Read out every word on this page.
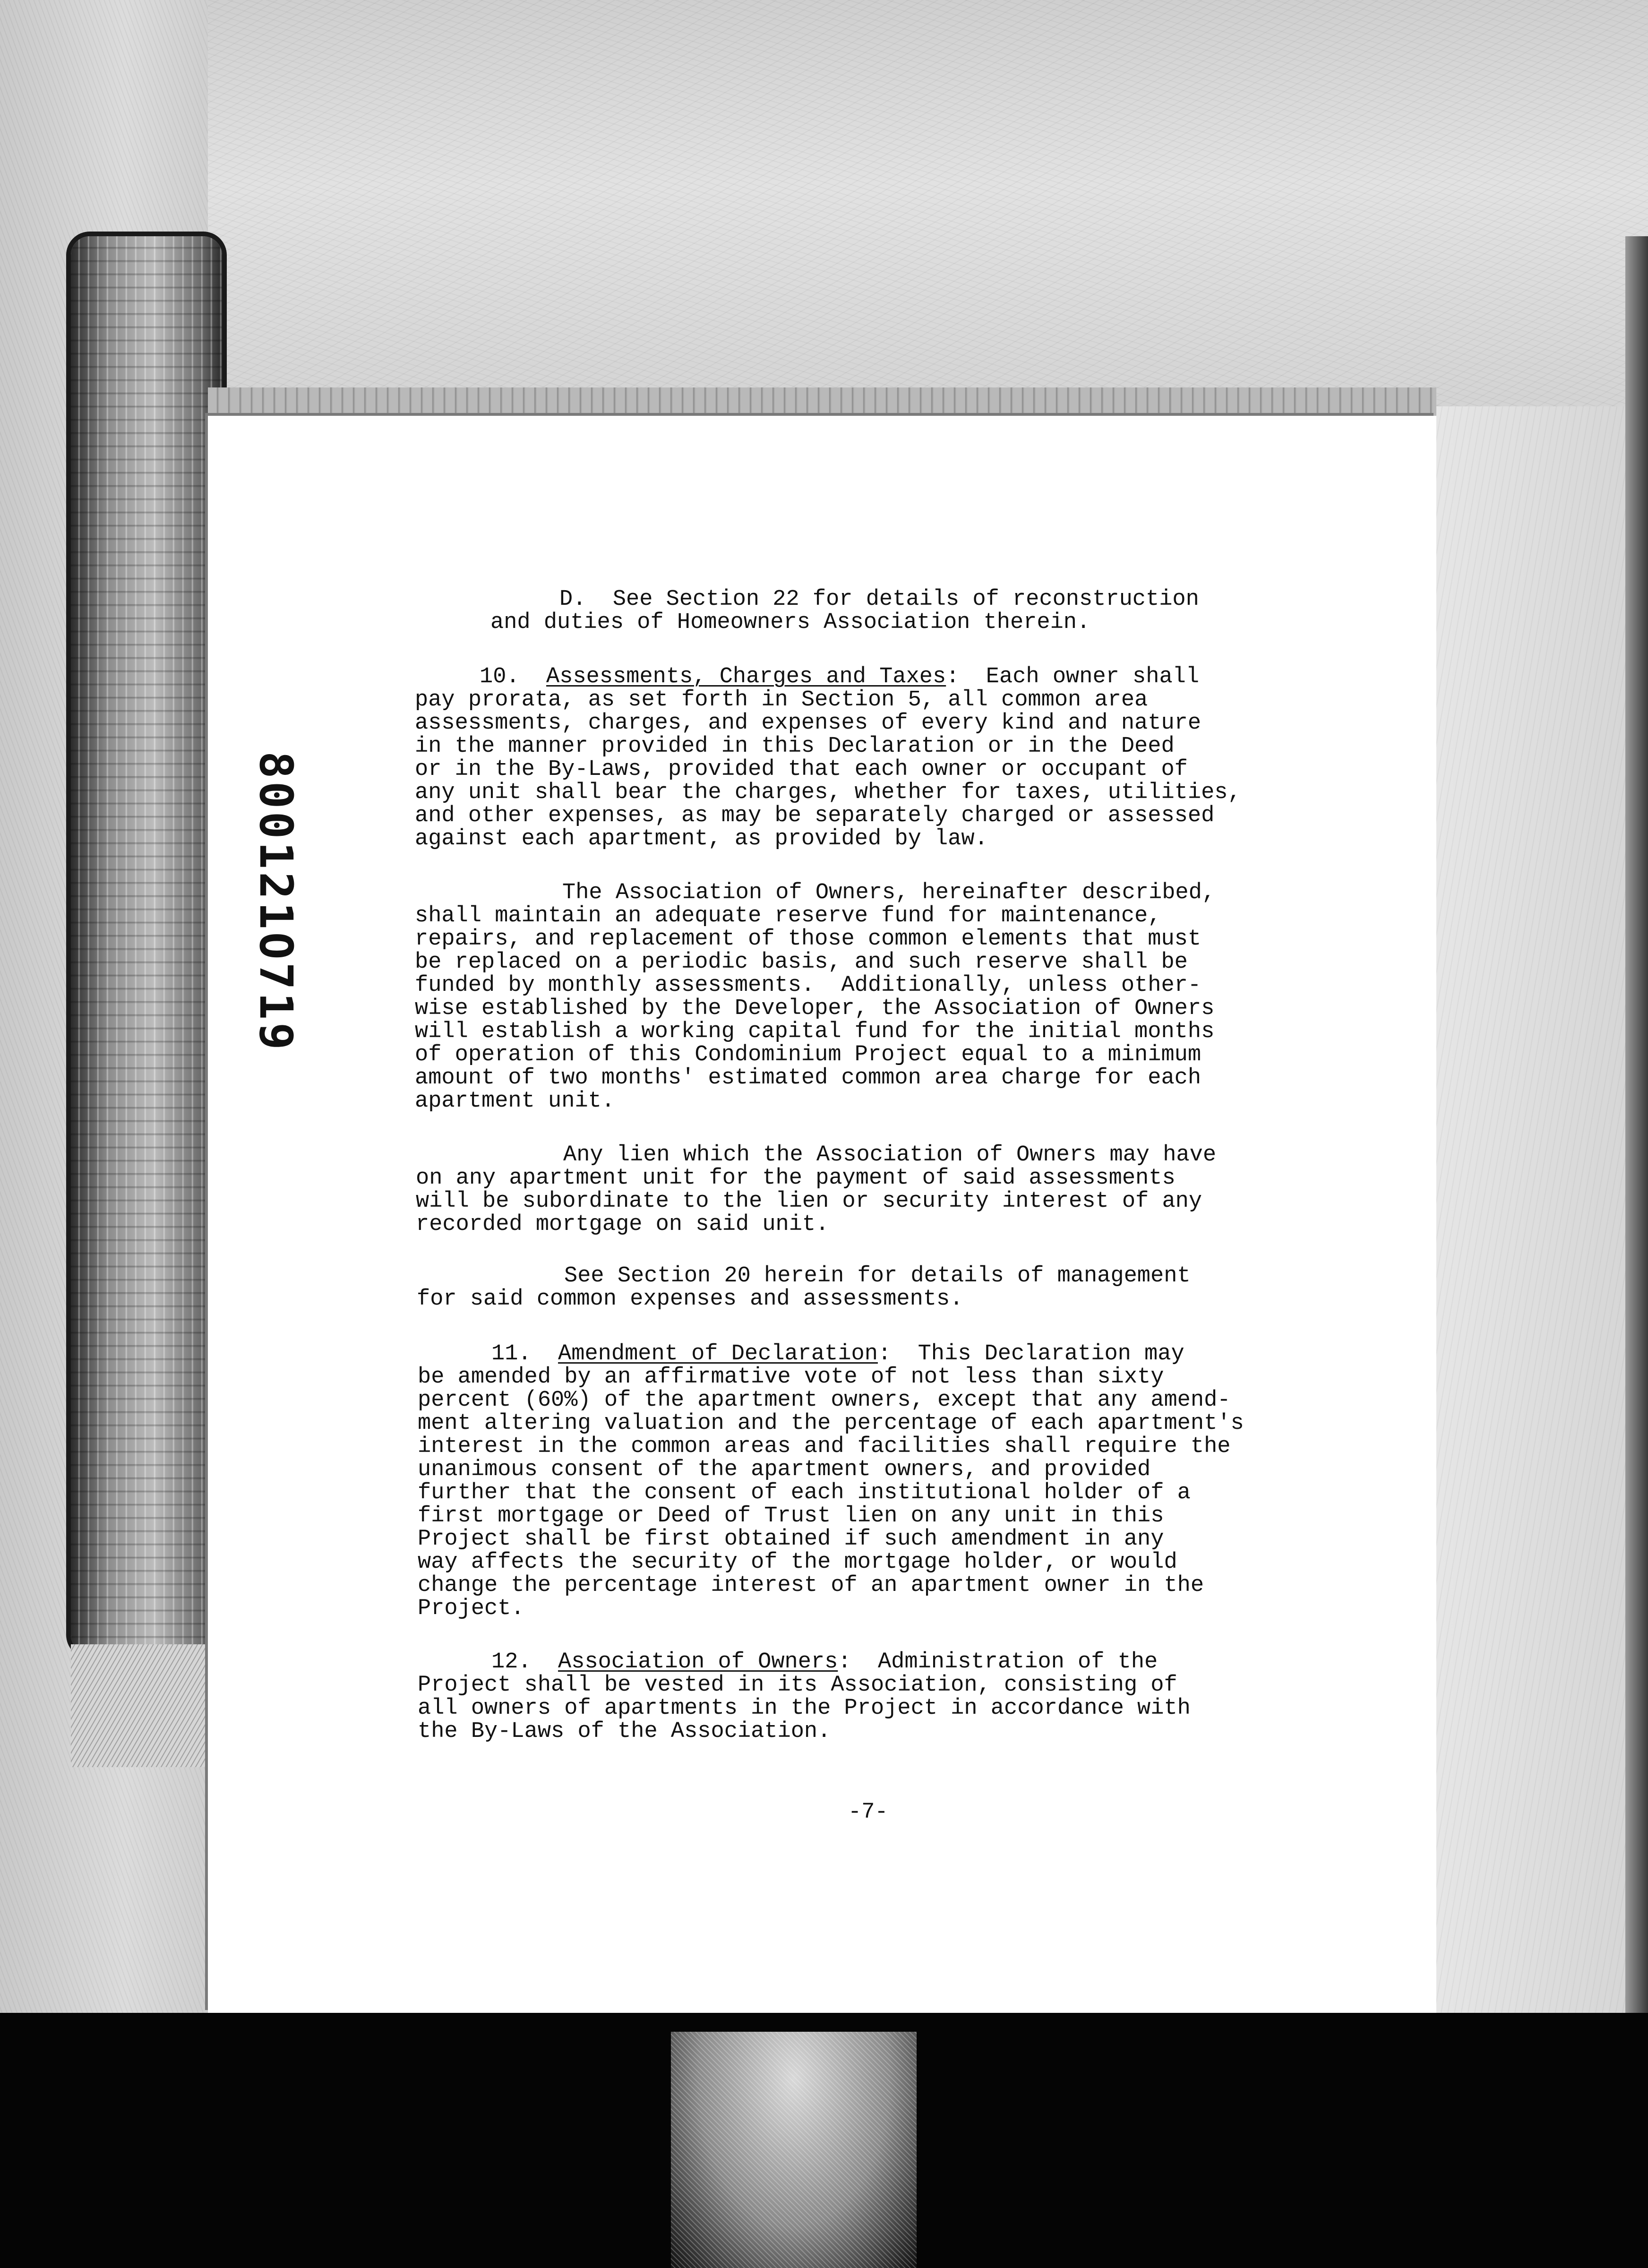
D.  See Section 22 for details of reconstruction
and duties of Homeowners Association therein.
10. Assessments, Charges and Taxes:  Each owner shall
pay prorata, as set forth in Section 5, all common area
assessments, charges, and expenses of every kind and nature
in the manner provided in this Declaration or in the Deed
or in the By-Laws, provided that each owner or occupant of
any unit shall bear the charges, whether for taxes, utilities,
and other expenses, as may be separately charged or assessed
against each apartment, as provided by law.
The Association of Owners, hereinafter described,
shall maintain an adequate reserve fund for maintenance,
repairs, and replacement of those common elements that must
be replaced on a periodic basis, and such reserve shall be
funded by monthly assessments.  Additionally, unless other-
wise established by the Developer, the Association of Owners
will establish a working capital fund for the initial months
of operation of this Condominium Project equal to a minimum
amount of two months' estimated common area charge for each
apartment unit.
Any lien which the Association of Owners may have
on any apartment unit for the payment of said assessments
will be subordinate to the lien or security interest of any
recorded mortgage on said unit.
See Section 20 herein for details of management
for said common expenses and assessments.
11. Amendment of Declaration:  This Declaration may
be amended by an affirmative vote of not less than sixty
percent (60%) of the apartment owners, except that any amend-
ment altering valuation and the percentage of each apartment's
interest in the common areas and facilities shall require the
unanimous consent of the apartment owners, and provided
further that the consent of each institutional holder of a
first mortgage or Deed of Trust lien on any unit in this
Project shall be first obtained if such amendment in any
way affects the security of the mortgage holder, or would
change the percentage interest of an apartment owner in the
Project.
12. Association of Owners:  Administration of the
Project shall be vested in its Association, consisting of
all owners of apartments in the Project in accordance with
the By-Laws of the Association.
-7-
800121O719
